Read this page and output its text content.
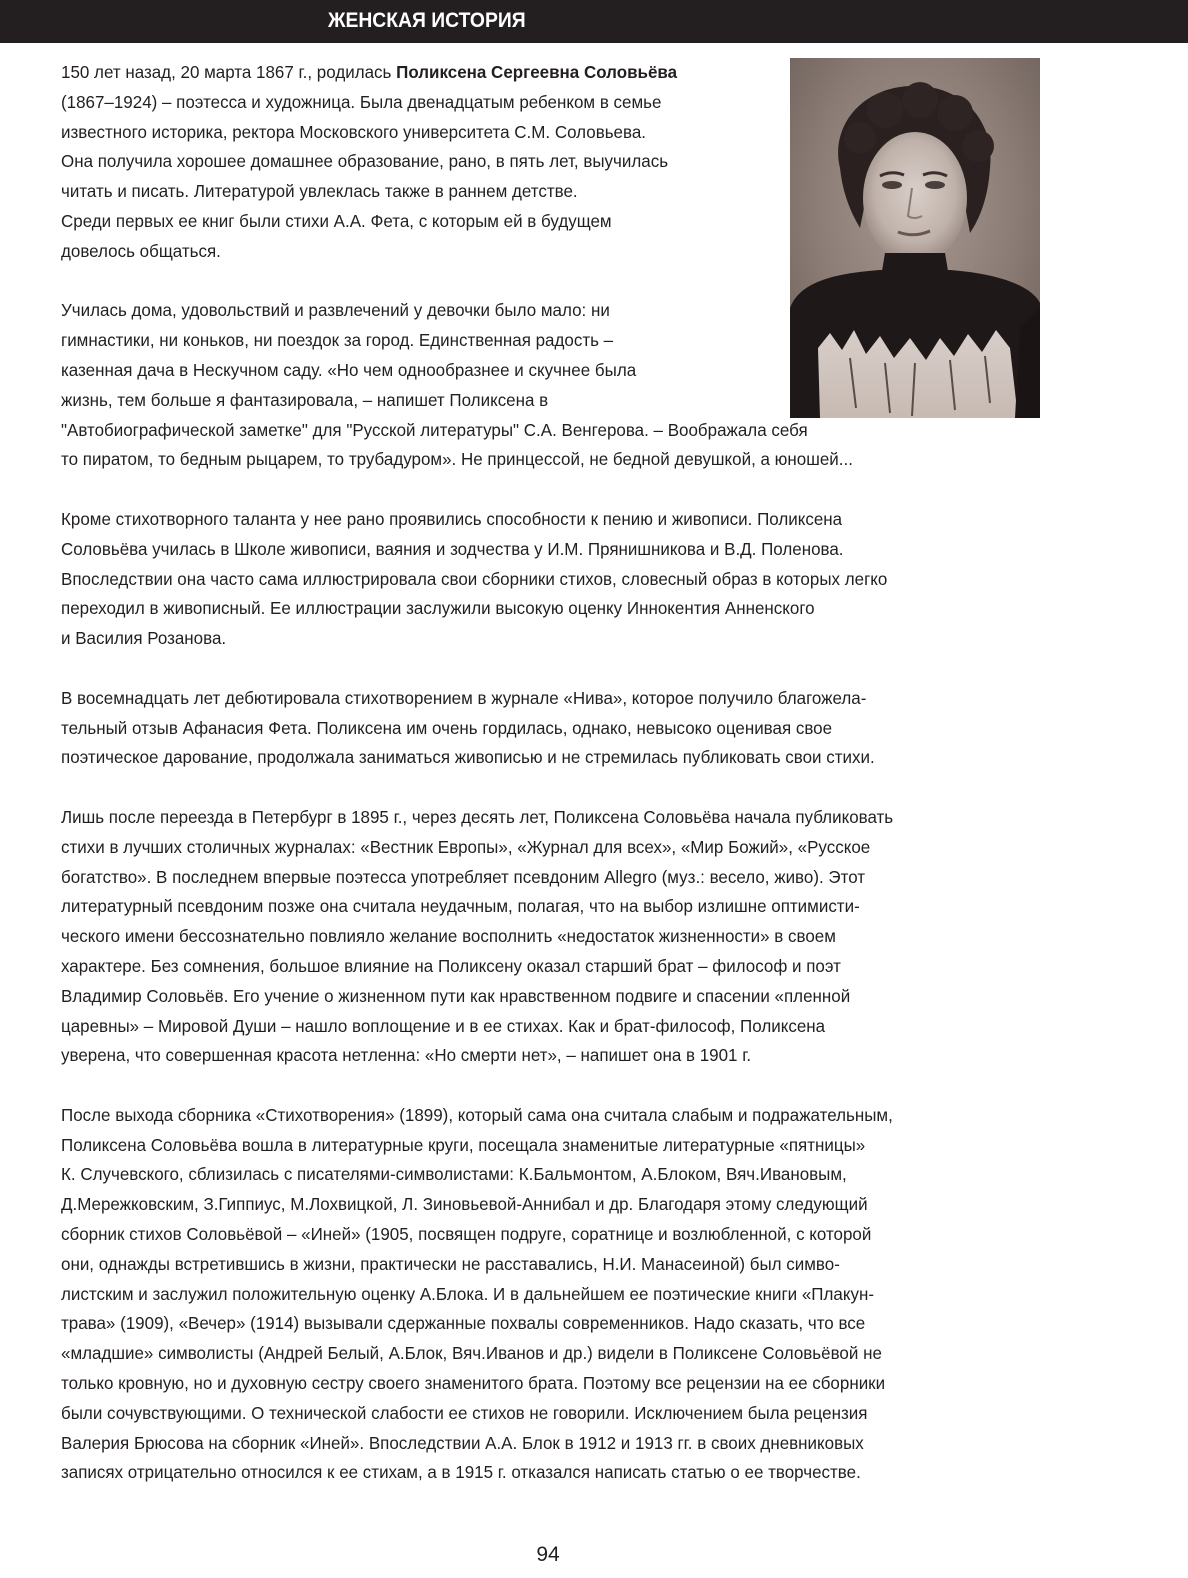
ЖЕНСКАЯ ИСТОРИЯ

150 лет назад, 20 марта 1867 г., родилась Поликсена Сергеевна Соловьёва
(1867–1924) – поэтесса и художница. Была двенадцатым ребенком в семье
известного историка, ректора Московского университета С.М. Соловьева.
Она получила хорошее домашнее образование, рано, в пять лет, выучилась
читать и писать. Литературой увлеклась также в раннем детстве.
Среди первых ее книг были стихи А.А. Фета, с которым ей в будущем
довелось общаться.

Училась дома, удовольствий и развлечений у девочки было мало: ни
гимнастики, ни коньков, ни поездок за город. Единственная радость –
казенная дача в Нескучном саду. «Но чем однообразнее и скучнее была
жизнь, тем больше я фантазировала, – напишет Поликсена в
"Автобиографической заметке" для "Русской литературы" С.А. Венгерова. – Воображала себя
то пиратом, то бедным рыцарем, то трубадуром». Не принцессой, не бедной девушкой, а юношей...

Кроме стихотворного таланта у нее рано проявились способности к пению и живописи. Поликсена
Соловьёва училась в Школе живописи, ваяния и зодчества у И.М. Прянишникова и В.Д. Поленова.
Впоследствии она часто сама иллюстрировала свои сборники стихов, словесный образ в которых легко
переходил в живописный. Ее иллюстрации заслужили высокую оценку Иннокентия Анненского
и Василия Розанова.

В восемнадцать лет дебютировала стихотворением в журнале «Нива», которое получило благожела-
тельный отзыв Афанасия Фета. Поликсена им очень гордилась, однако, невысоко оценивая свое
поэтическое дарование, продолжала заниматься живописью и не стремилась публиковать свои стихи.

Лишь после переезда в Петербург в 1895 г., через десять лет, Поликсена Соловьёва начала публиковать
стихи в лучших столичных журналах: «Вестник Европы», «Журнал для всех», «Мир Божий», «Русское
богатство». В последнем впервые поэтесса употребляет псевдоним Allegro (муз.: весело, живо). Этот
литературный псевдоним позже она считала неудачным, полагая, что на выбор излишне оптимисти-
ческого имени бессознательно повлияло желание восполнить «недостаток жизненности» в своем
характере. Без сомнения, большое влияние на Поликсену оказал старший брат – философ и поэт
Владимир Соловьёв. Его учение о жизненном пути как нравственном подвиге и спасении «пленной
царевны» – Мировой Души – нашло воплощение и в ее стихах. Как и брат-философ, Поликсена
уверена, что совершенная красота нетленна: «Но смерти нет», – напишет она в 1901 г.

После выхода сборника «Стихотворения» (1899), который сама она считала слабым и подражательным,
Поликсена Соловьёва вошла в литературные круги, посещала знаменитые литературные «пятницы»
К. Случевского, сблизилась с писателями-символистами: К.Бальмонтом, А.Блоком, Вяч.Ивановым,
Д.Мережковским, З.Гиппиус, М.Лохвицкой, Л. Зиновьевой-Аннибал и др. Благодаря этому следующий
сборник стихов Соловьёвой – «Иней» (1905, посвящен подруге, соратнице и возлюбленной, с которой
они, однажды встретившись в жизни, практически не расставались, Н.И. Манасеиной) был симво-
листским и заслужил положительную оценку А.Блока. И в дальнейшем ее поэтические книги «Плакун-
трава» (1909), «Вечер» (1914) вызывали сдержанные похвалы современников. Надо сказать, что все
«младшие» символисты (Андрей Белый, А.Блок, Вяч.Иванов и др.) видели в Поликсене Соловьёвой не
только кровную, но и духовную сестру своего знаменитого брата. Поэтому все рецензии на ее сборники
были сочувствующими. О технической слабости ее стихов не говорили. Исключением была рецензия
Валерия Брюсова на сборник «Иней». Впоследствии А.А. Блок в 1912 и 1913 гг. в своих дневниковых
записях отрицательно относился к ее стихам, а в 1915 г. отказался написать статью о ее творчестве.

94
